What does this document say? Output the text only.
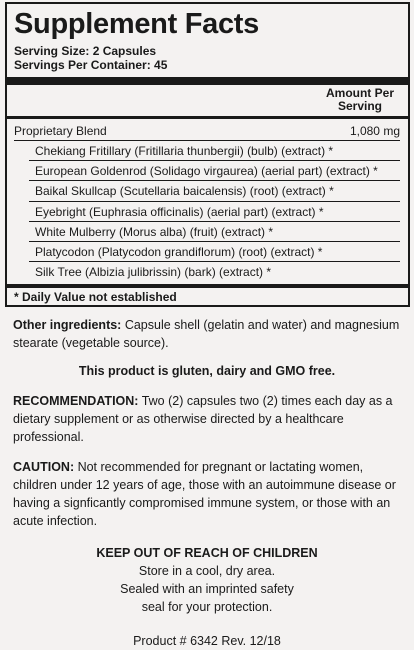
Supplement Facts
Serving Size: 2 Capsules
Servings Per Container: 45
Amount Per
Serving
Proprietary Blend	1,080 mg
Chekiang Fritillary (Fritillaria thunbergii) (bulb) (extract) *
European Goldenrod (Solidago virgaurea) (aerial part) (extract) *
Baikal Skullcap (Scutellaria baicalensis) (root) (extract) *
Eyebright (Euphrasia officinalis) (aerial part) (extract) *
White Mulberry (Morus alba) (fruit) (extract) *
Platycodon (Platycodon grandiflorum) (root) (extract) *
Silk Tree (Albizia julibrissin) (bark) (extract) *
* Daily Value not established
Other ingredients: Capsule shell (gelatin and water) and magnesium stearate (vegetable source).
This product is gluten, dairy and GMO free.
RECOMMENDATION: Two (2) capsules two (2) times each day as a dietary supplement or as otherwise directed by a healthcare professional.
CAUTION: Not recommended for pregnant or lactating women, children under 12 years of age, those with an autoimmune disease or having a signficantly compromised immune system, or those with an acute infection.
KEEP OUT OF REACH OF CHILDREN
Store in a cool, dry area.
Sealed with an imprinted safety
seal for your protection.
Product # 6342 Rev. 12/18
